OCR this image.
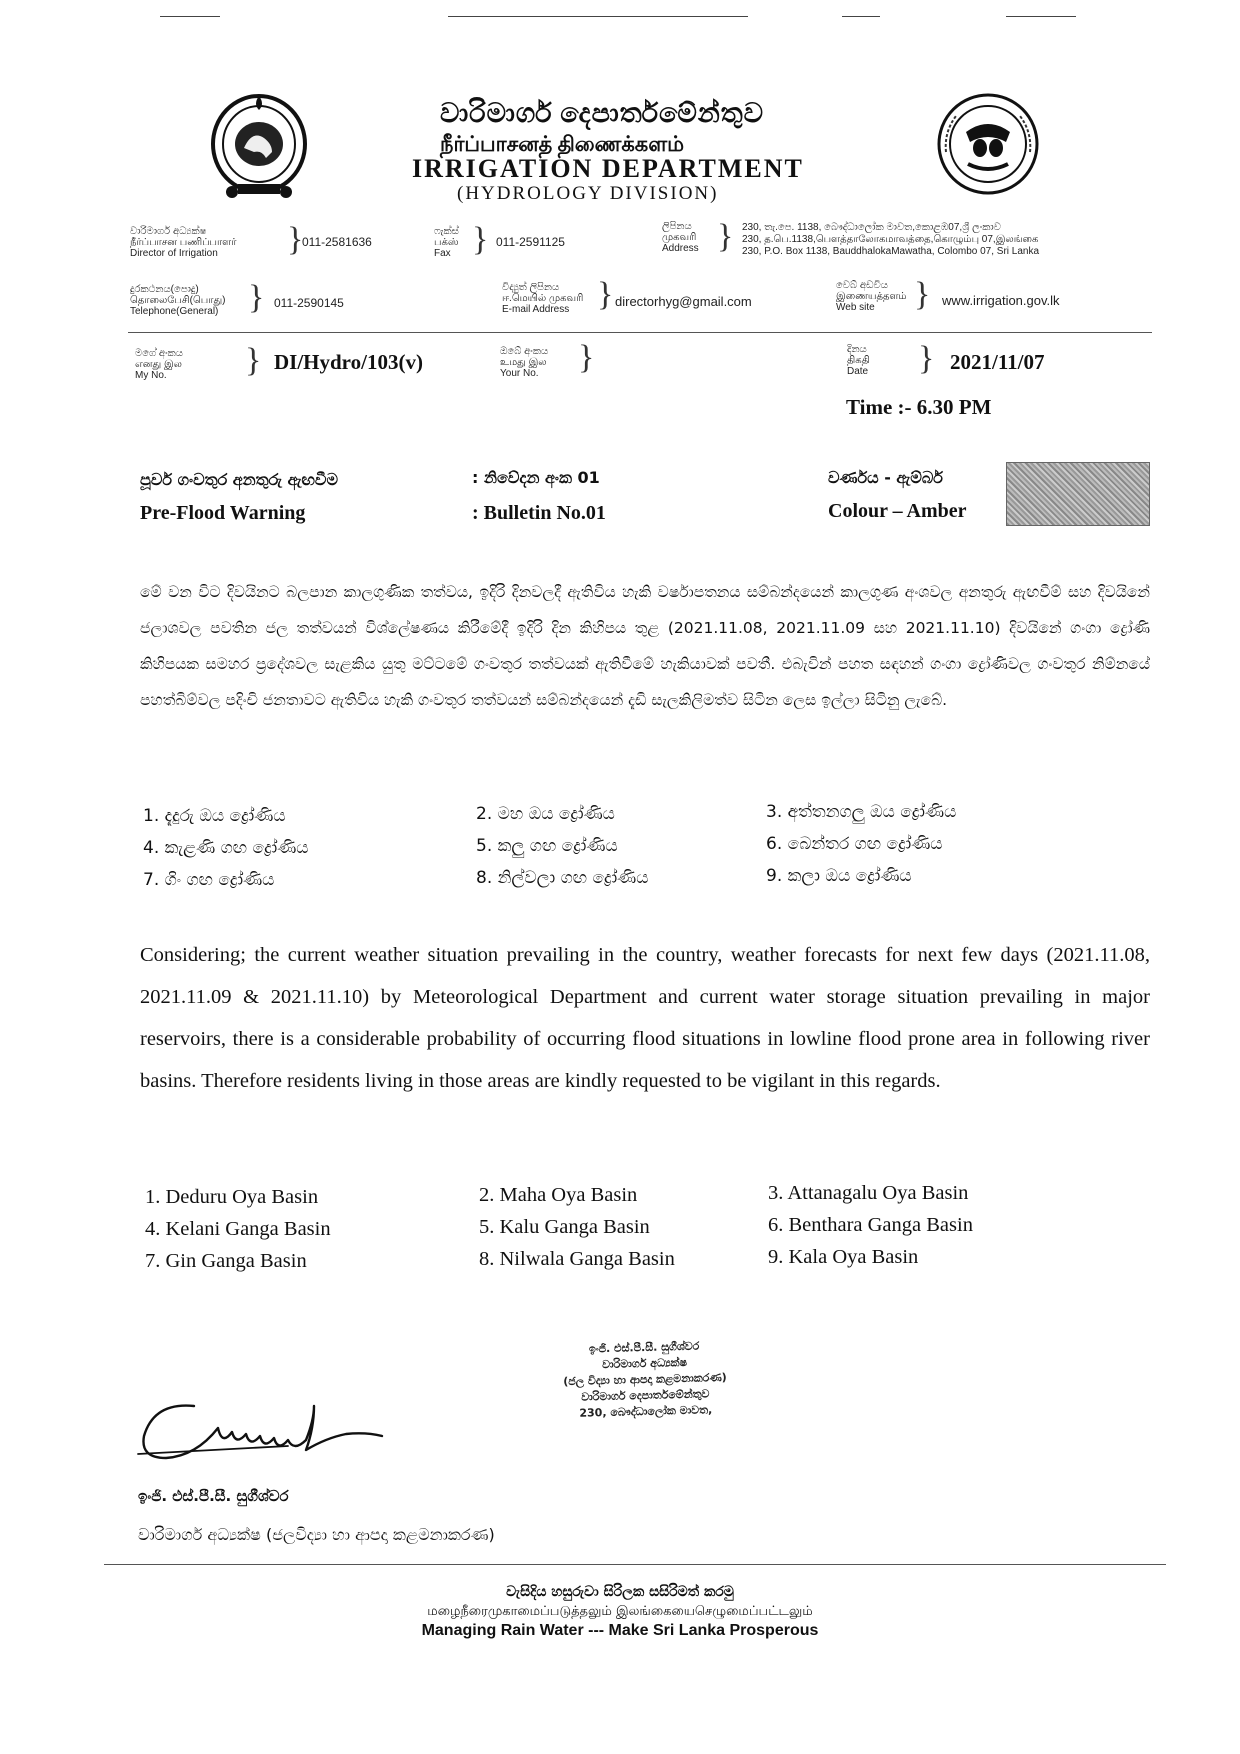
වාරිමාර්ග දෙපාර්තමේන්තුව
நீர்ப்பாசனத் திணைக்களம்
IRRIGATION DEPARTMENT
(HYDROLOGY DIVISION)
වාරිමාර්ග අධ්‍යක්ෂ
நீர்ப்பாசன பணிப்பாளர்
Director of Irrigation	}
011-2581636
ෆැක්ස්
பக்ஸ்
Fax } 011-2591125
ලිපිනය
முகவரி
Address } 230, තැ.පෙ. 1138, බෞද්ධාලෝක මාවත,කොළඹ07,ශ්‍රී ලංකාව
230, த.பெ.1138,பௌத்தாலோகமாவத்தை,கொழும்பு 07,இலங்கை
230, P.O. Box 1138, BauddhalokaMawatha, Colombo 07, Sri Lanka
දුරකථනය(පොදු)
தொலைபேசி(பொது)
Telephone(General) } 011-2590145
විද්‍යුත් ලිපිනය
ஈ.மெயில் முகவரி
E-mail Address } directorhyg@gmail.com
වෙබ් අඩවිය
இணையத்தளம்
Web site	} www.irrigation.gov.lk
මගේ අංකය
எனது இல
My No.	} DI/Hydro/103(v)	ඔබේ අංකය
உமது இல
Your No. }	දිනය
திகதி
Date } 2021/11/07
Time :- 6.30 PM
පූර්ව ගංවතුර අනතුරු ඇඟවීම
Pre-Flood Warning
: නිවේදන අංක 01
: Bulletin No.01
වර්ණය - ඇම්බර්
Colour – Amber
මේ වන විට දිවයිනට බලපාන කාලගුණික තත්වය, ඉදිරි දිනවලදී ඇතිවිය හැකි වර්ෂාපතනය සම්බන්දයෙන් කාලගුණ අංශවල අනතුරු ඇඟවීම් සහ දිවයිනේ ජලාශවල පවතින ජල තත්වයන් විශ්ලේෂණය කිරීමේදී ඉදිරි දින කිහිපය තුළ (2021.11.08, 2021.11.09 සහ 2021.11.10) දිවයිනේ ගංගා ද්‍රෝණි කිහිපයක සමහර ප්‍රදේශවල සැළකිය යුතු මට්ටමේ ගංවතුර තත්වයක් ඇතිවීමේ හැකියාවක් පවතී. එබැවින් පහත සඳහන් ගංගා ද්‍රෝණිවල ගංවතුර නිම්නයේ පහත්බිම්වල පදිංචි ජනතාවට ඇතිවිය හැකි ගංවතුර තත්වයන් සම්බන්දයෙන් දැඩි සැලකිලිමත්ව සිටින ලෙස ඉල්ලා සිටිනු ලැබේ.
1. දැදුරු ඔය ද්‍රෝණිය	2. මහ ඔය ද්‍රෝණිය	3. අත්තනගලු ඔය ද්‍රෝණිය
4. කැළණි ගඟ ද්‍රෝණිය	5. කලු ගඟ ද්‍රෝණිය	6. බෙන්තර ගඟ ද්‍රෝණිය
7. ගිං ගඟ ද්‍රෝණිය	8. නිල්වලා ගඟ ද්‍රෝණිය	9. කලා ඔය ද්‍රෝණිය
Considering; the current weather situation prevailing in the country, weather forecasts for next few days (2021.11.08, 2021.11.09 & 2021.11.10) by Meteorological Department and current water storage situation prevailing in major reservoirs, there is a considerable probability of occurring flood situations in lowline flood prone area in following river basins. Therefore residents living in those areas are kindly requested to be vigilant in this regards.
1. Deduru Oya Basin	2. Maha Oya Basin	3. Attanagalu Oya Basin
4. Kelani Ganga Basin	5. Kalu Ganga Basin	6. Benthara Ganga Basin
7. Gin Ganga Basin	8. Nilwala Ganga Basin	9. Kala Oya Basin
ඉංජි. එස්.පී.සී. සුගීශ්වර
වාරිමාර්ග අධ්‍යක්ෂ
(ජල විද්‍යා හා ආපදා කළමනාකරණ)
වාරිමාර්ග දෙපාර්තමේන්තුව
230, බෞද්ධාලෝක මාවත,
ඉංජි. එස්.පී.සී. සුගීශ්වර
වාරිමාර්ග අධ්‍යක්ෂ (ජලවිද්‍යා හා ආපදා කළමනාකරණ)
වැසිදිය හසුරුවා සිරිලක සසිරිමත් කරමු
மழைநீரைமுகாமைப்படுத்தலும் இலங்கையைசெழுமைப்பட்டலும்
Managing Rain Water --- Make Sri Lanka Prosperous
